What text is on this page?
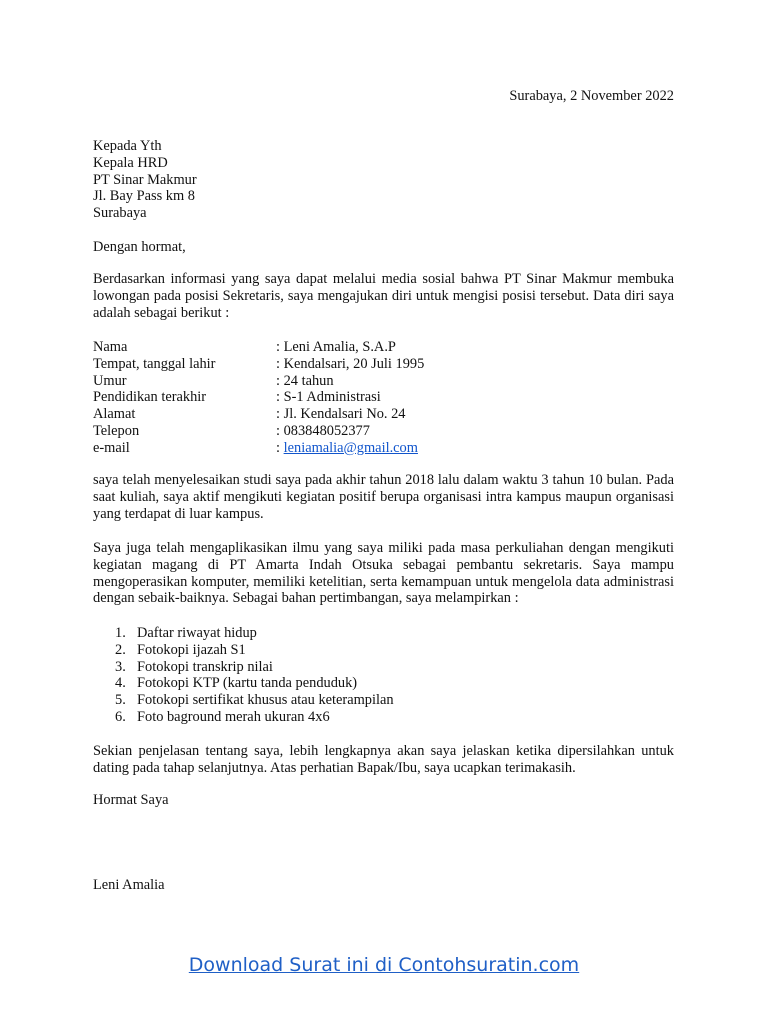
Surabaya, 2 November 2022
Kepada Yth
Kepala HRD
PT Sinar Makmur
Jl. Bay Pass km 8
Surabaya
Dengan hormat,
Berdasarkan informasi yang saya dapat melalui media sosial bahwa PT Sinar Makmur membuka lowongan pada posisi Sekretaris, saya mengajukan diri untuk mengisi posisi tersebut. Data diri saya adalah sebagai berikut :
Nama	: Leni Amalia, S.A.P
Tempat, tanggal lahir	: Kendalsari, 20 Juli 1995
Umur	: 24 tahun
Pendidikan terakhir	: S-1 Administrasi
Alamat	: Jl. Kendalsari No. 24
Telepon	: 083848052377
e-mail	: leniamalia@gmail.com
saya telah menyelesaikan studi saya pada akhir tahun 2018 lalu dalam waktu 3 tahun 10 bulan. Pada saat kuliah, saya aktif mengikuti kegiatan positif berupa organisasi intra kampus maupun organisasi yang terdapat di luar kampus.
Saya juga telah mengaplikasikan ilmu yang saya miliki pada masa perkuliahan dengan mengikuti kegiatan magang di PT Amarta Indah Otsuka sebagai pembantu sekretaris. Saya mampu mengoperasikan komputer, memiliki ketelitian, serta kemampuan untuk mengelola data administrasi dengan sebaik-baiknya. Sebagai bahan pertimbangan, saya melampirkan :
1. Daftar riwayat hidup
2. Fotokopi ijazah S1
3. Fotokopi transkrip nilai
4. Fotokopi KTP (kartu tanda penduduk)
5. Fotokopi sertifikat khusus atau keterampilan
6. Foto baground merah ukuran 4x6
Sekian penjelasan tentang saya, lebih lengkapnya akan saya jelaskan ketika dipersilahkan untuk dating pada tahap selanjutnya. Atas perhatian Bapak/Ibu, saya ucapkan terimakasih.
Hormat Saya
Leni Amalia
Download Surat ini di Contohsuratin.com
